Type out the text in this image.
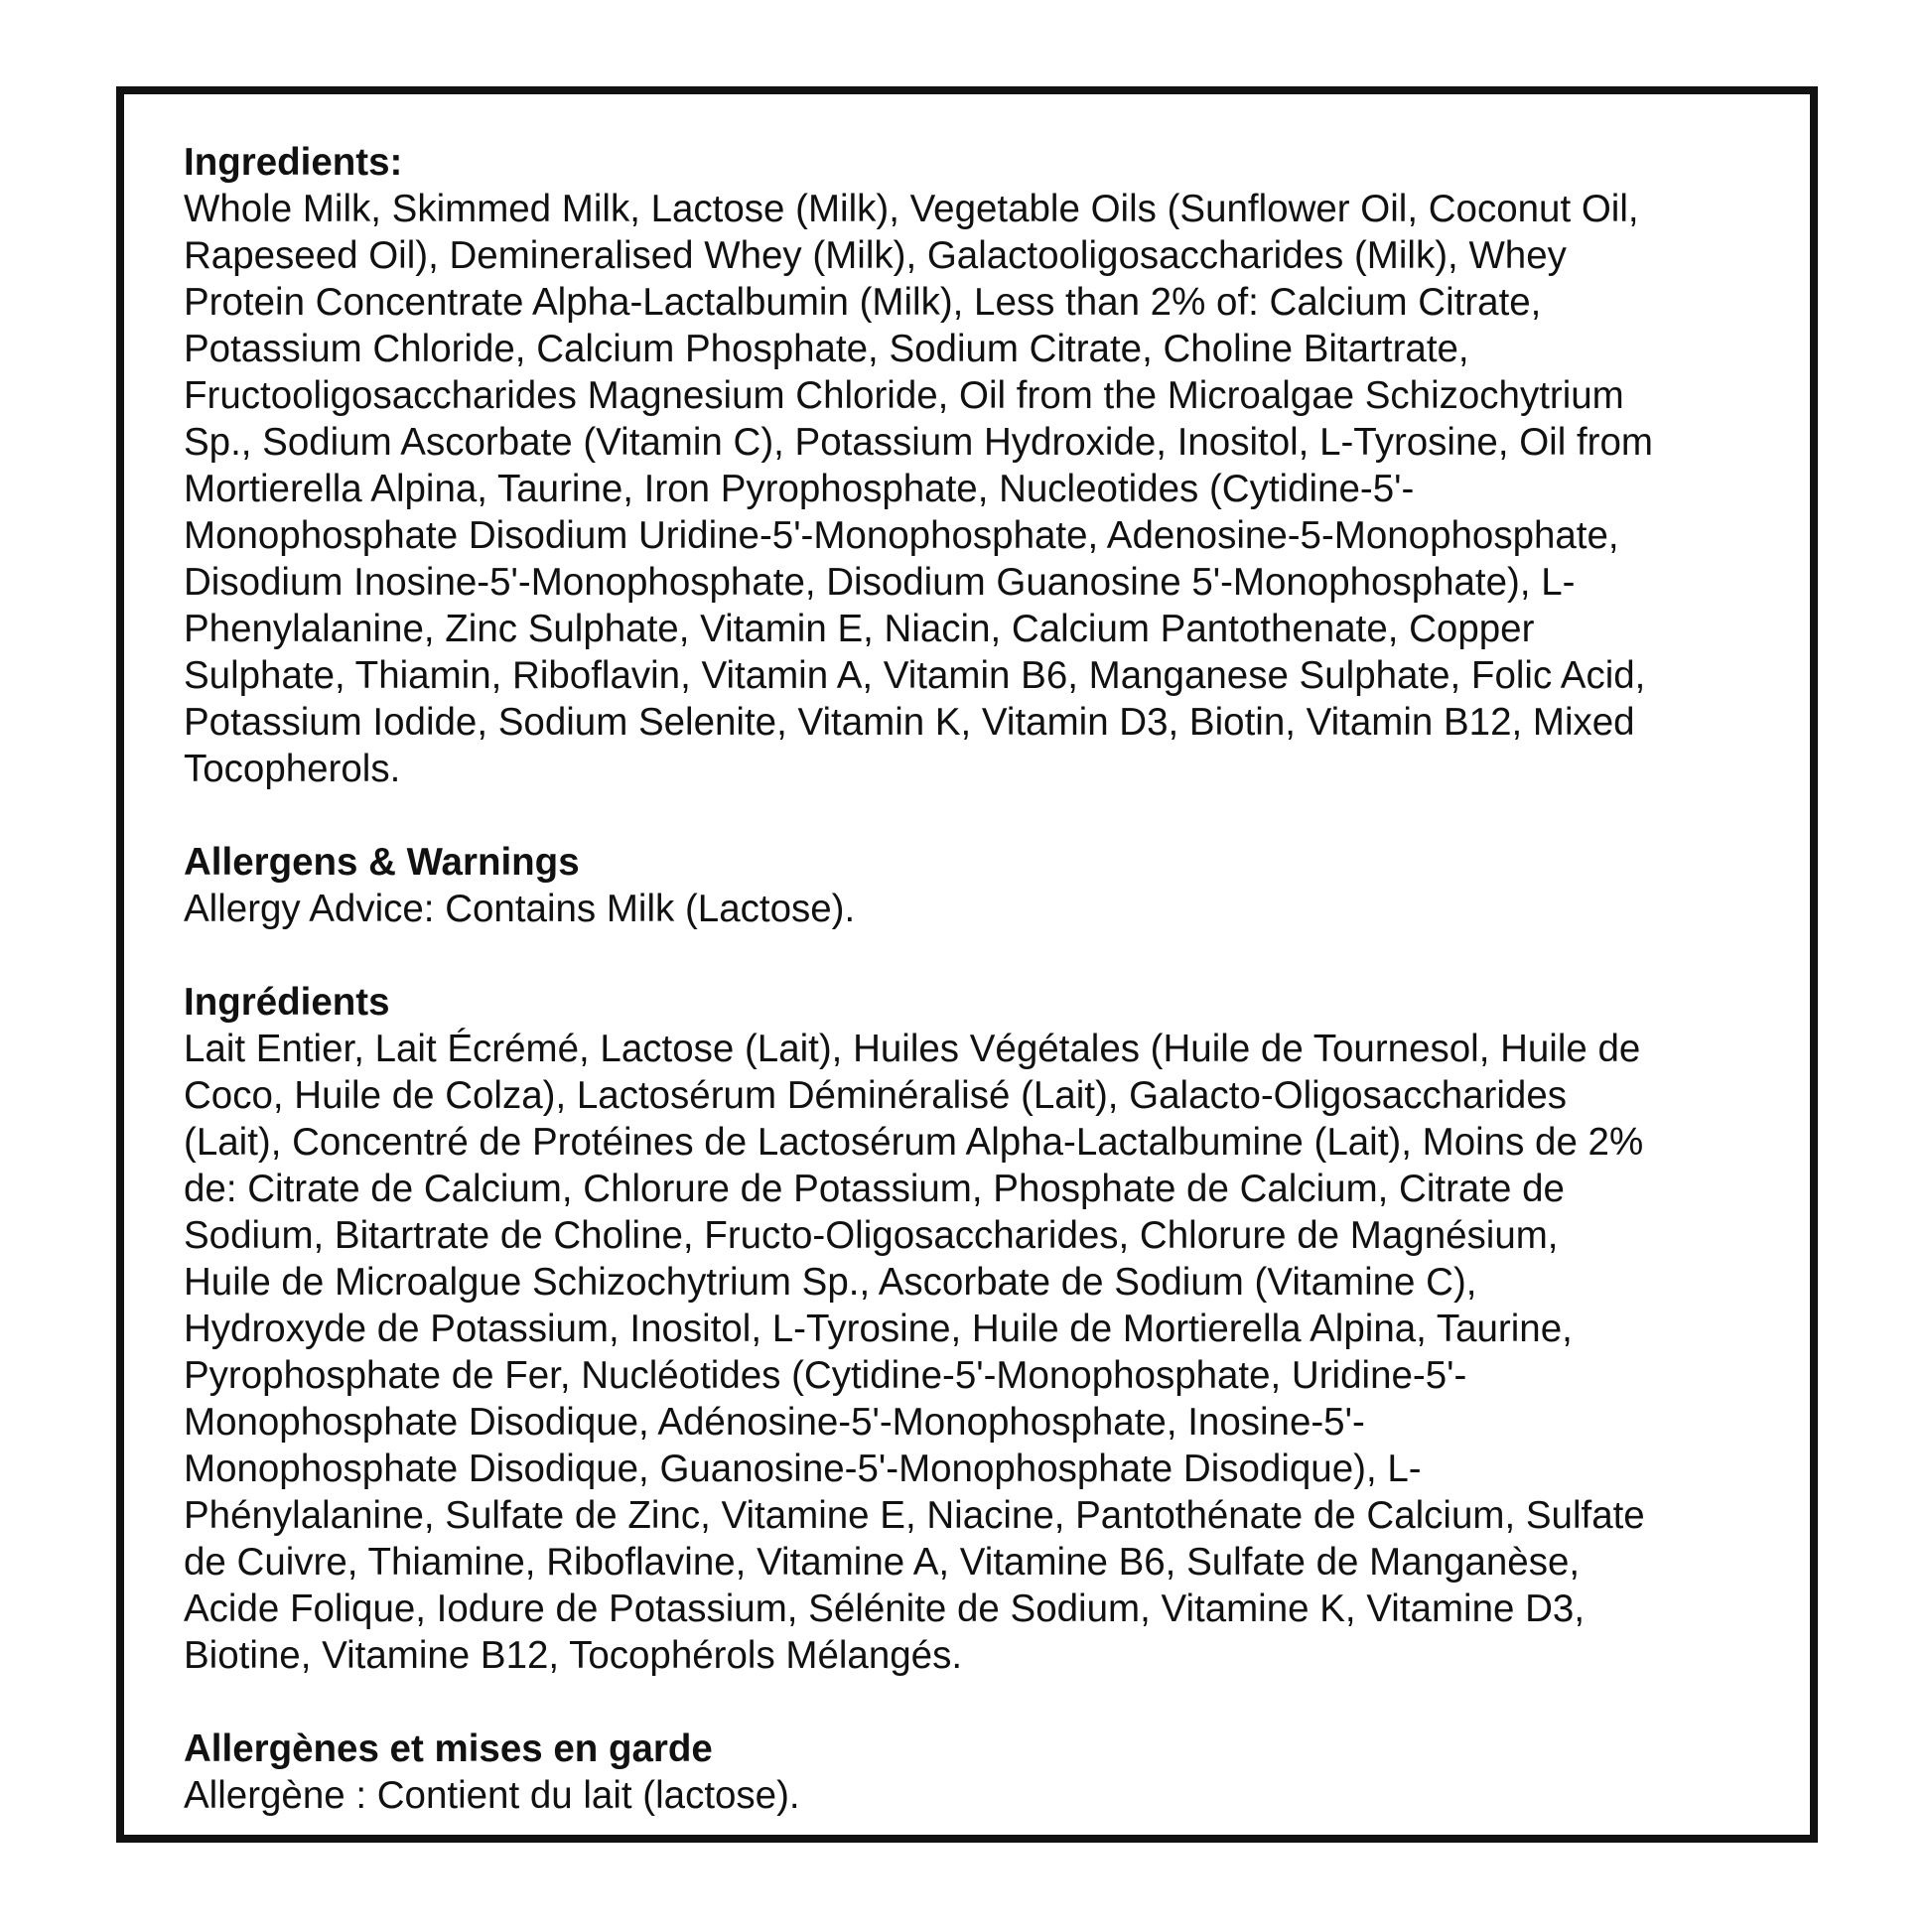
Ingredients:
Whole Milk, Skimmed Milk, Lactose (Milk), Vegetable Oils (Sunflower Oil, Coconut Oil,
Rapeseed Oil), Demineralised Whey (Milk), Galactooligosaccharides (Milk), Whey
Protein Concentrate Alpha-Lactalbumin (Milk), Less than 2% of: Calcium Citrate,
Potassium Chloride, Calcium Phosphate, Sodium Citrate, Choline Bitartrate,
Fructooligosaccharides Magnesium Chloride, Oil from the Microalgae Schizochytrium
Sp., Sodium Ascorbate (Vitamin C), Potassium Hydroxide, Inositol, L-Tyrosine, Oil from
Mortierella Alpina, Taurine, Iron Pyrophosphate, Nucleotides (Cytidine-5'-
Monophosphate Disodium Uridine-5'-Monophosphate, Adenosine-5-Monophosphate,
Disodium Inosine-5'-Monophosphate, Disodium Guanosine 5'-Monophosphate), L-
Phenylalanine, Zinc Sulphate, Vitamin E, Niacin, Calcium Pantothenate, Copper
Sulphate, Thiamin, Riboflavin, Vitamin A, Vitamin B6, Manganese Sulphate, Folic Acid,
Potassium Iodide, Sodium Selenite, Vitamin K, Vitamin D3, Biotin, Vitamin B12, Mixed
Tocopherols.
Allergens & Warnings
Allergy Advice: Contains Milk (Lactose).
Ingrédients
Lait Entier, Lait Écrémé, Lactose (Lait), Huiles Végétales (Huile de Tournesol, Huile de
Coco, Huile de Colza), Lactosérum Déminéralisé (Lait), Galacto-Oligosaccharides
(Lait), Concentré de Protéines de Lactosérum Alpha-Lactalbumine (Lait), Moins de 2%
de: Citrate de Calcium, Chlorure de Potassium, Phosphate de Calcium, Citrate de
Sodium, Bitartrate de Choline, Fructo-Oligosaccharides, Chlorure de Magnésium,
Huile de Microalgue Schizochytrium Sp., Ascorbate de Sodium (Vitamine C),
Hydroxyde de Potassium, Inositol, L-Tyrosine, Huile de Mortierella Alpina, Taurine,
Pyrophosphate de Fer, Nucléotides (Cytidine-5'-Monophosphate, Uridine-5'-
Monophosphate Disodique, Adénosine-5'-Monophosphate, Inosine-5'-
Monophosphate Disodique, Guanosine-5'-Monophosphate Disodique), L-
Phénylalanine, Sulfate de Zinc, Vitamine E, Niacine, Pantothénate de Calcium, Sulfate
de Cuivre, Thiamine, Riboflavine, Vitamine A, Vitamine B6, Sulfate de Manganèse,
Acide Folique, Iodure de Potassium, Sélénite de Sodium, Vitamine K, Vitamine D3,
Biotine, Vitamine B12, Tocophérols Mélangés.
Allergènes et mises en garde
Allergène : Contient du lait (lactose).
